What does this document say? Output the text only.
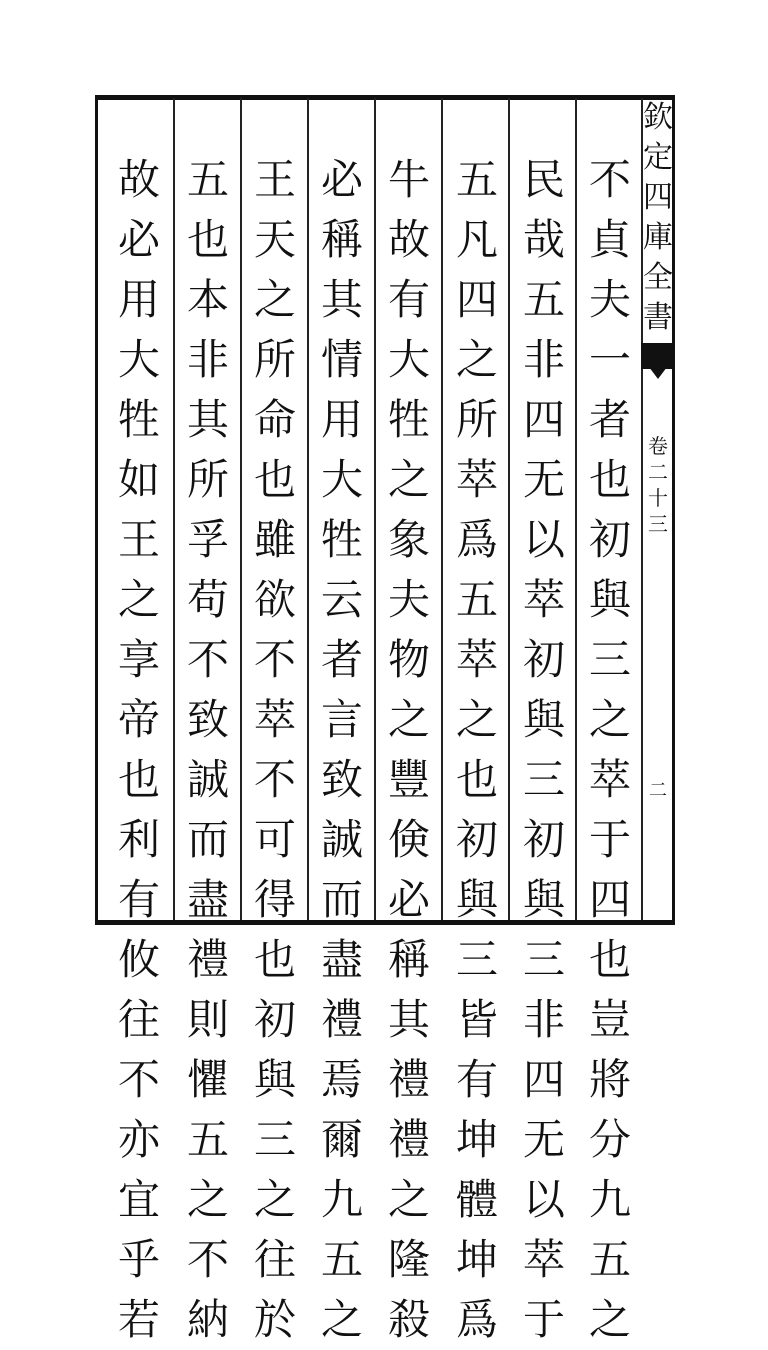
欽
定
四
庫
全
書
卷
二
十
三
二
不
貞
夫
一
者
也
初
與
三
之
萃
于
四
也
豈
將
分
九
五
之
民
哉
五
非
四
无
以
萃
初
與
三
初
與
三
非
四
无
以
萃
于
五
凡
四
之
所
萃
爲
五
萃
之
也
初
與
三
皆
有
坤
體
坤
爲
牛
故
有
大
牲
之
象
夫
物
之
豐
倹
必
稱
其
禮
禮
之
隆
殺
必
稱
其
情
用
大
牲
云
者
言
致
誠
而
盡
禮
焉
爾
九
五
之
王
天
之
所
命
也
雖
欲
不
萃
不
可
得
也
初
與
三
之
往
於
五
也
本
非
其
所
孚
苟
不
致
誠
而
盡
禮
則
懼
五
之
不
納
故
必
用
大
牲
如
王
之
享
帝
也
利
有
攸
往
不
亦
宜
乎
若
